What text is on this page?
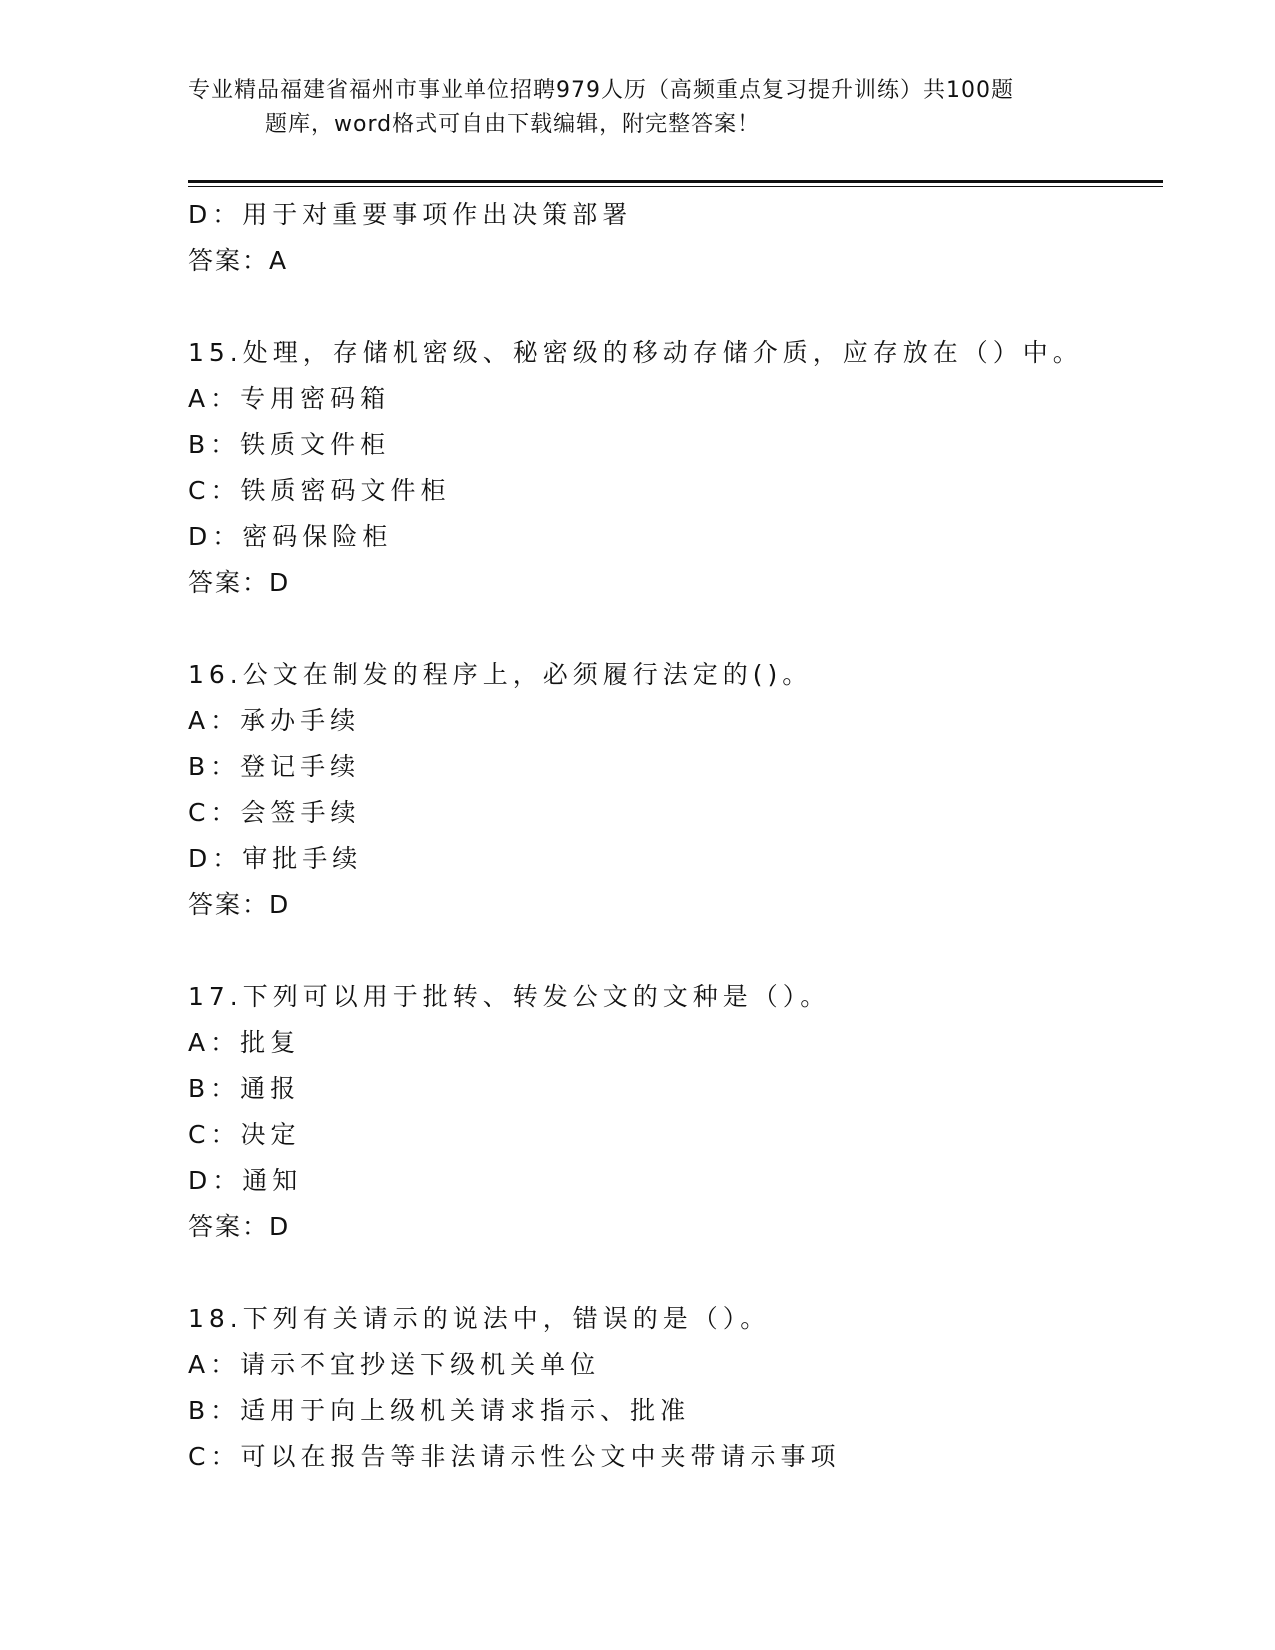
专业精品福建省福州市事业单位招聘979人历（高频重点复习提升训练）共100题
题库，word格式可自由下载编辑，附完整答案！
D：用于对重要事项作出决策部署
答案：A
15.处理，存储机密级、秘密级的移动存储介质，应存放在（）中。
A：专用密码箱
B：铁质文件柜
C：铁质密码文件柜
D：密码保险柜
答案：D
16.公文在制发的程序上，必须履行法定的()。
A：承办手续
B：登记手续
C：会签手续
D：审批手续
答案：D
17.下列可以用于批转、转发公文的文种是（）。
A：批复
B：通报
C：决定
D：通知
答案：D
18.下列有关请示的说法中，错误的是（）。
A：请示不宜抄送下级机关单位
B：适用于向上级机关请求指示、批准
C：可以在报告等非法请示性公文中夹带请示事项
